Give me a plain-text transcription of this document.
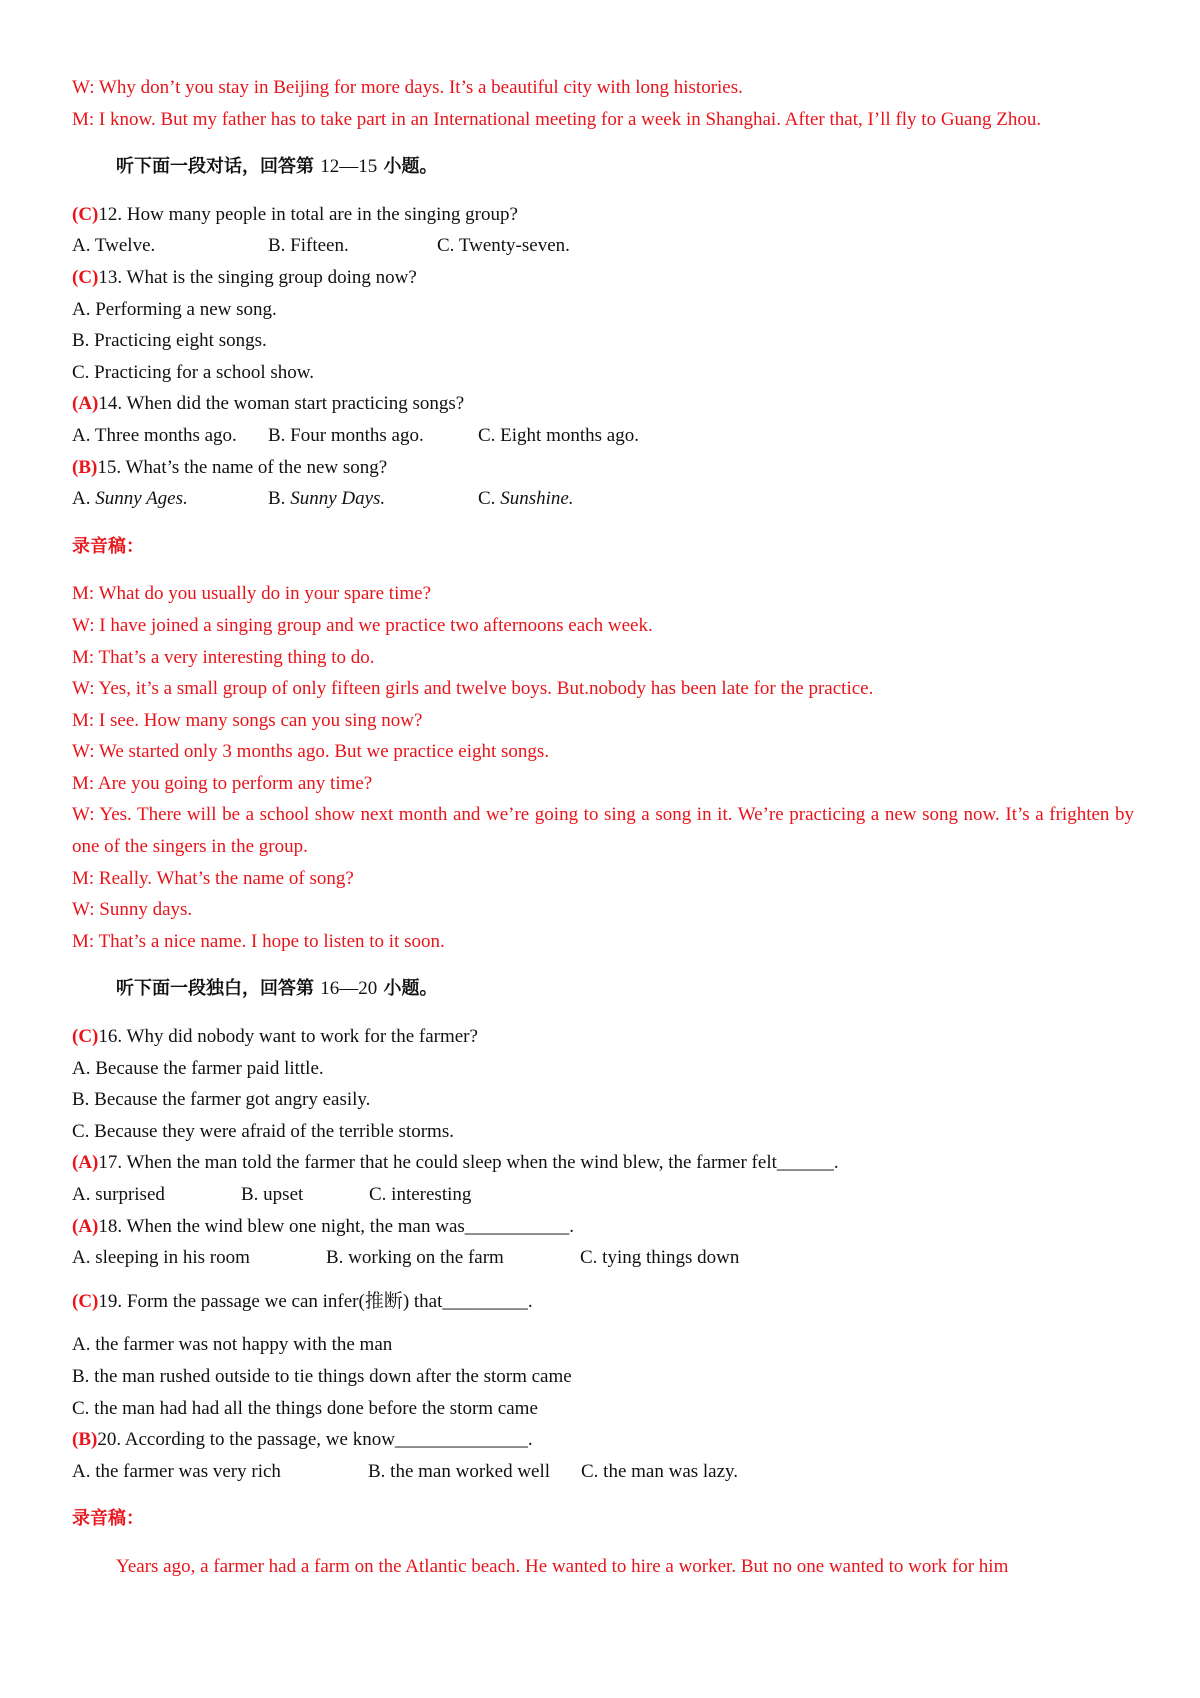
W: Why don’t you stay in Beijing for more days. It’s a beautiful city with long histories.
M: I know. But my father has to take part in an International meeting for a week in Shanghai. After that, I’ll fly to Guang Zhou.
听下面一段对话，回答第 12—15 小题。
(C)12. How many people in total are in the singing group?
A. Twelve.	B. Fifteen.	C. Twenty-seven.
(C)13. What is the singing group doing now?
A. Performing a new song.
B. Practicing eight songs.
C. Practicing for a school show.
(A)14. When did the woman start practicing songs?
A. Three months ago.	B. Four months ago.	C. Eight months ago.
(B)15. What’s the name of the new song?
A. Sunny Ages.	B. Sunny Days.	C. Sunshine.
录音稿：
M: What do you usually do in your spare time?
W: I have joined a singing group and we practice two afternoons each week.
M: That’s a very interesting thing to do.
W: Yes, it’s a small group of only fifteen girls and twelve boys. But.nobody has been late for the practice.
M: I see. How many songs can you sing now?
W: We started only 3 months ago. But we practice eight songs.
M: Are you going to perform any time?
W: Yes. There will be a school show next month and we’re going to sing a song in it. We’re practicing a new song now. It’s a frighten by one of the singers in the group.
M: Really. What’s the name of song?
W: Sunny days.
M: That’s a nice name. I hope to listen to it soon.
听下面一段独白，回答第 16—20 小题。
(C)16. Why did nobody want to work for the farmer?
A. Because the farmer paid little.
B. Because the farmer got angry easily.
C. Because they were afraid of the terrible storms.
(A)17. When the man told the farmer that he could sleep when the wind blew, the farmer felt______.
A. surprised	B. upset	C. interesting
(A)18. When the wind blew one night, the man was___________.
A. sleeping in his room	B. working on the farm	C. tying things down
(C)19. Form the passage we can infer(推断) that_________.
A. the farmer was not happy with the man
B. the man rushed outside to tie things down after the storm came
C. the man had had all the things done before the storm came
(B)20. According to the passage, we know______________.
A. the farmer was very rich	B. the man worked well	C. the man was lazy.
录音稿：
Years ago, a farmer had a farm on the Atlantic beach. He wanted to hire a worker. But no one wanted to work for him
